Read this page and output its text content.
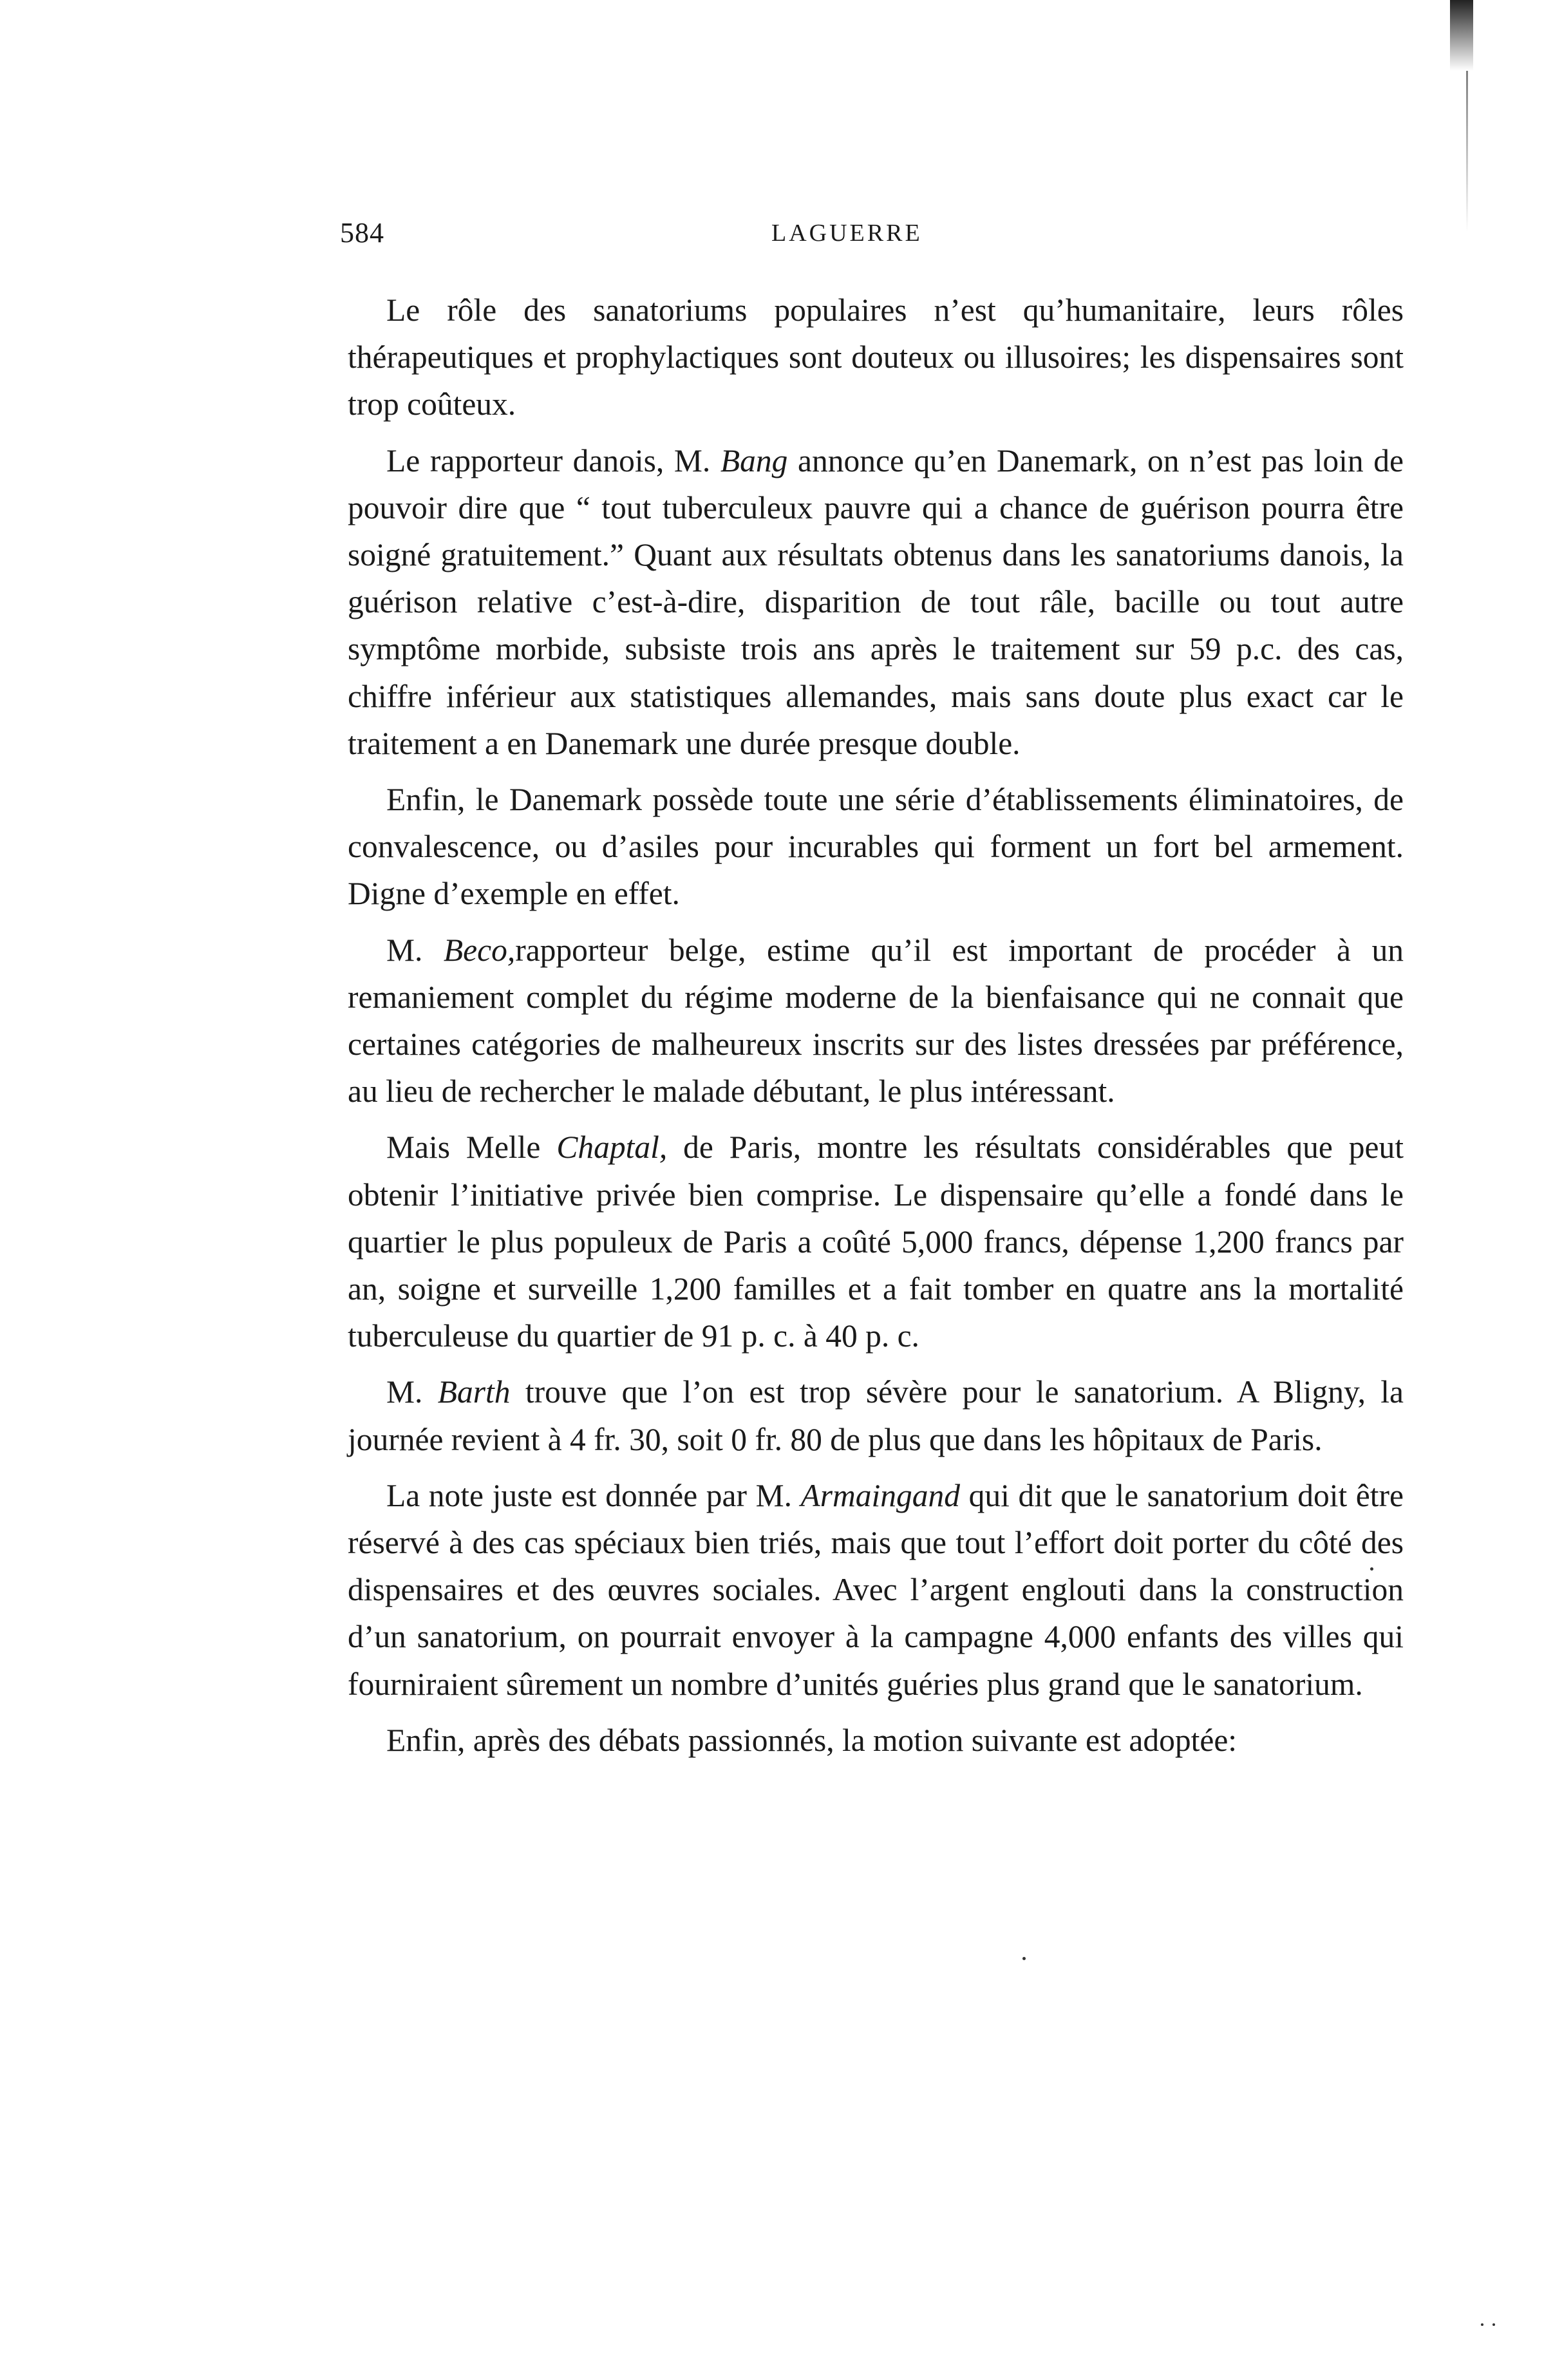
584	LAGUERRE

Le rôle des sanatoriums populaires n’est qu’humanitaire, leurs rôles thérapeutiques et prophylactiques sont douteux ou illusoires; les dispensaires sont trop coûteux.

Le rapporteur danois, M. Bang annonce qu’en Danemark, on n’est pas loin de pouvoir dire que “ tout tuberculeux pauvre qui a chance de guérison pourra être soigné gratuitement.” Quant aux résultats obtenus dans les sanatoriums danois, la guérison relative c’est-à-dire, disparition de tout râle, bacille ou tout autre symptôme morbide, subsiste trois ans après le traitement sur 59 p.c. des cas, chiffre inférieur aux statistiques allemandes, mais sans doute plus exact car le traitement a en Danemark une durée presque double.

Enfin, le Danemark possède toute une série d’établissements éliminatoires, de convalescence, ou d’asiles pour incurables qui forment un fort bel armement. Digne d’exemple en effet.

M. Beco,rapporteur belge, estime qu’il est important de procéder à un remaniement complet du régime moderne de la bienfaisance qui ne connait que certaines catégories de malheureux inscrits sur des listes dressées par préférence, au lieu de rechercher le malade débutant, le plus intéressant.

Mais Melle Chaptal, de Paris, montre les résultats considérables que peut obtenir l’initiative privée bien comprise. Le dispensaire qu’elle a fondé dans le quartier le plus populeux de Paris a coûté 5,000 francs, dépense 1,200 francs par an, soigne et surveille 1,200 familles et a fait tomber en quatre ans la mortalité tuberculeuse du quartier de 91 p. c. à 40 p. c.

M. Barth trouve que l’on est trop sévère pour le sanatorium. A Bligny, la journée revient à 4 fr. 30, soit 0 fr. 80 de plus que dans les hôpitaux de Paris.

La note juste est donnée par M. Armaingand qui dit que le sanatorium doit être réservé à des cas spéciaux bien triés, mais que tout l’effort doit porter du côté des dispensaires et des œuvres sociales. Avec l’argent englouti dans la construction d’un sanatorium, on pourrait envoyer à la campagne 4,000 enfants des villes qui fourniraient sûrement un nombre d’unités guéries plus grand que le sanatorium.

Enfin, après des débats passionnés, la motion suivante est adoptée:
